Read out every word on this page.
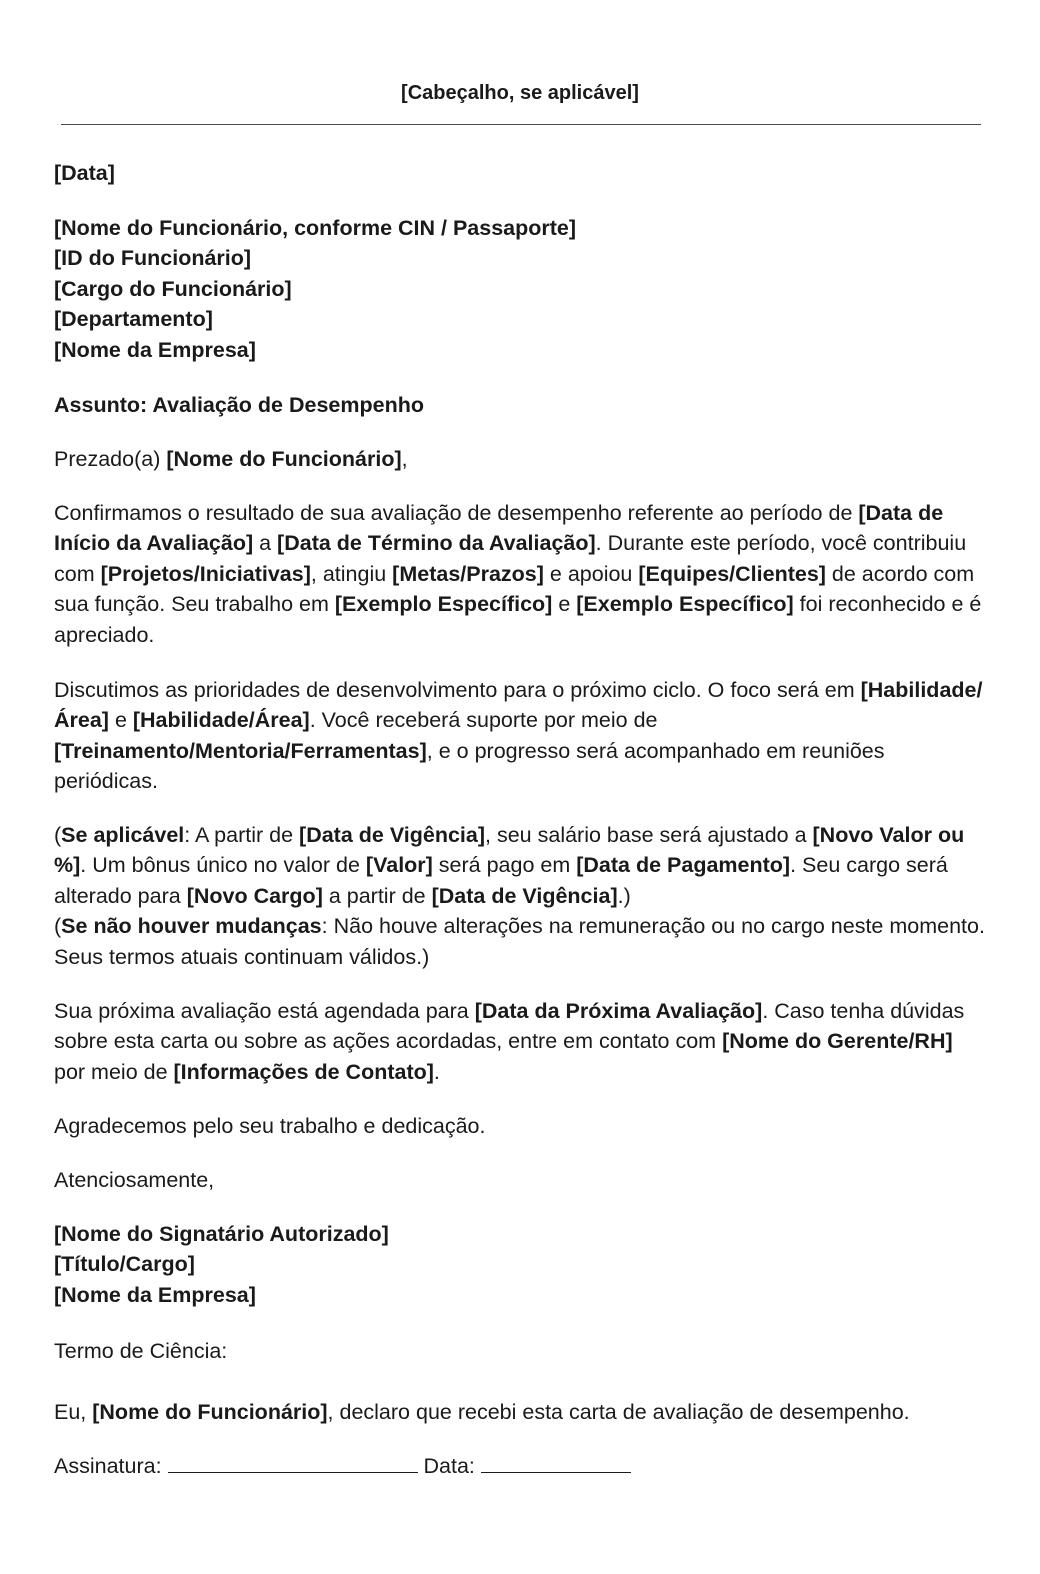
[Cabeçalho, se aplicável]

[Data]

[Nome do Funcionário, conforme CIN / Passaporte]
[ID do Funcionário]
[Cargo do Funcionário]
[Departamento]
[Nome da Empresa]

Assunto: Avaliação de Desempenho

Prezado(a) [Nome do Funcionário],

Confirmamos o resultado de sua avaliação de desempenho referente ao período de [Data de Início da Avaliação] a [Data de Término da Avaliação]. Durante este período, você contribuiu com [Projetos/Iniciativas], atingiu [Metas/Prazos] e apoiou [Equipes/Clientes] de acordo com sua função. Seu trabalho em [Exemplo Específico] e [Exemplo Específico] foi reconhecido e é apreciado.

Discutimos as prioridades de desenvolvimento para o próximo ciclo. O foco será em [Habilidade/Área] e [Habilidade/Área]. Você receberá suporte por meio de [Treinamento/Mentoria/Ferramentas], e o progresso será acompanhado em reuniões periódicas.

(Se aplicável: A partir de [Data de Vigência], seu salário base será ajustado a [Novo Valor ou %]. Um bônus único no valor de [Valor] será pago em [Data de Pagamento]. Seu cargo será alterado para [Novo Cargo] a partir de [Data de Vigência].)
(Se não houver mudanças: Não houve alterações na remuneração ou no cargo neste momento. Seus termos atuais continuam válidos.)

Sua próxima avaliação está agendada para [Data da Próxima Avaliação]. Caso tenha dúvidas sobre esta carta ou sobre as ações acordadas, entre em contato com [Nome do Gerente/RH] por meio de [Informações de Contato].

Agradecemos pelo seu trabalho e dedicação.

Atenciosamente,

[Nome do Signatário Autorizado]
[Título/Cargo]
[Nome da Empresa]

Termo de Ciência:

Eu, [Nome do Funcionário], declaro que recebi esta carta de avaliação de desempenho.

Assinatura:	Data:
